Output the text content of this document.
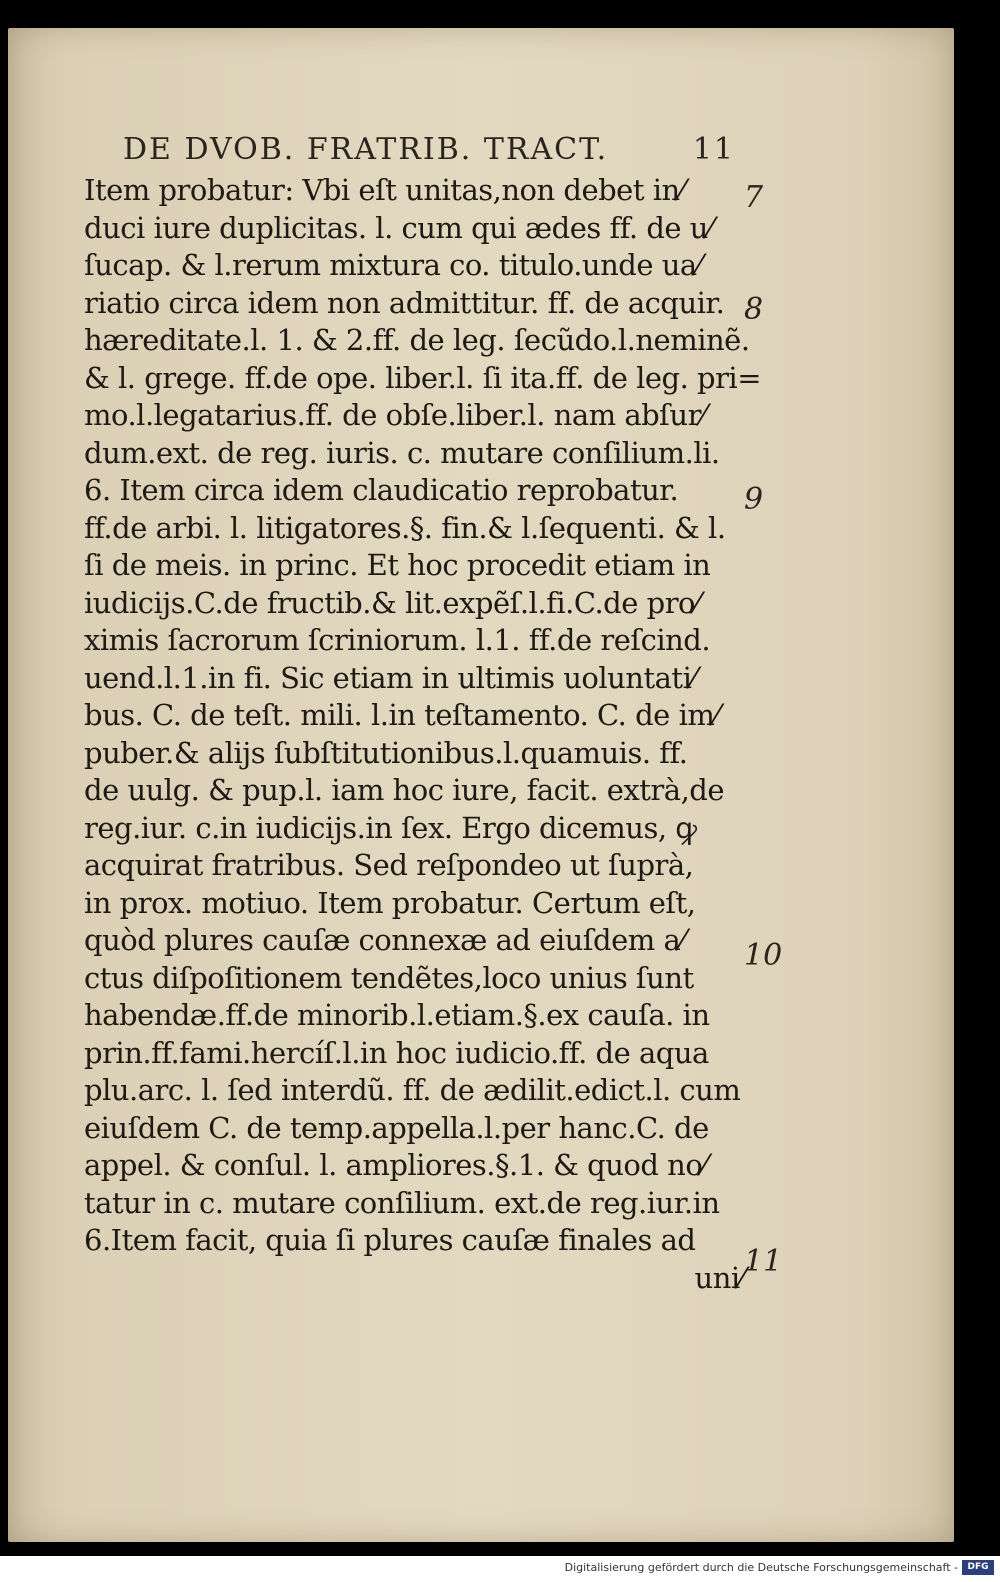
DE DVOB. FRATRIB. TRACT.	11
Item probatur: Vbi eſt unitas,non debet in⁄
duci iure duplicitas. l. cum qui ædes ff. de u⁄
ſucap. & l.rerum mixtura co. titulo.unde ua⁄
riatio circa idem non admittitur. ff. de acquir.
hæreditate.l. 1. & 2.ff. de leg. ſecũdo.l.neminẽ.
& l. grege. ff.de ope. liber.l. ſi ita.ff. de leg. pri=
mo.l.legatarius.ff. de obſe.liber.l. nam abſur⁄
dum.ext. de reg. iuris. c. mutare conſilium.li.
6. Item circa idem claudicatio reprobatur.
ff.de arbi. l. litigatores.§. fin.& l.ſequenti. & l.
ſi de meis. in princ. Et hoc procedit etiam in
iudicijs.C.de fructib.& lit.expẽſ.l.fi.C.de pro⁄
ximis ſacrorum ſcriniorum. l.1. ff.de reſcind.
uend.l.1.in fi. Sic etiam in ultimis uoluntati⁄
bus. C. de teſt. mili. l.in teſtamento. C. de im⁄
puber.& alijs ſubſtitutionibus.l.quamuis. ff.
de uulg. & pup.l. iam hoc iure, facit. extrà,de
reg.iur. c.in iudicijs.in ſex. Ergo dicemus, ꝙ
acquirat fratribus. Sed reſpondeo ut ſuprà,
in prox. motiuo. Item probatur. Certum eſt,
quòd plures cauſæ connexæ ad eiuſdem a⁄
ctus diſpoſitionem tendẽtes,loco unius ſunt
habendæ.ff.de minorib.l.etiam.§.ex cauſa. in
prin.ff.fami.hercíſ.l.in hoc iudicio.ff. de aqua
plu.arc. l. ſed interdũ. ff. de ædilit.edict.l. cum
eiuſdem C. de temp.appella.l.per hanc.C. de
appel. & conſul. l. ampliores.§.1. & quod no⁄
tatur in c. mutare conſilium. ext.de reg.iur.in
6.Item facit, quia ſi plures cauſæ finales ad
uni⁄
7
8
9
10
11
Digitalisierung gefördert durch die Deutsche Forschungsgemeinschaft -	DFG
